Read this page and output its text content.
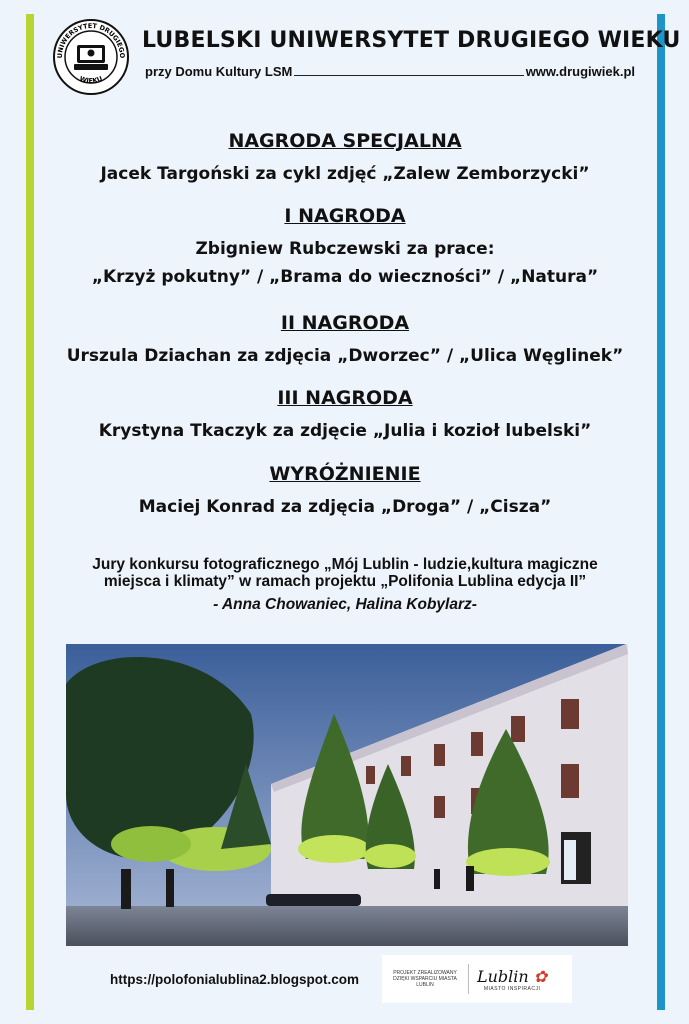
UNIWERSYTET DRUGIEGO
WIEKU
LUBELSKI UNIWERSYTET DRUGIEGO WIEKU
przy Domu Kultury LSM	www.drugiwiek.pl
NAGRODA SPECJALNA
Jacek Targoński za cykl zdjęć „Zalew Zemborzycki”
I NAGRODA
Zbigniew Rubczewski za prace:
„Krzyż pokutny” / „Brama do wieczności” / „Natura”
II NAGRODA
Urszula Dziachan za zdjęcia „Dworzec” / „Ulica Węglinek”
III NAGRODA
Krystyna Tkaczyk za zdjęcie „Julia i kozioł lubelski”
WYRÓŻNIENIE
Maciej Konrad za zdjęcia „Droga” / „Cisza”
Jury konkursu fotograficznego „Mój Lublin - ludzie,kultura magiczne
miejsca i klimaty” w ramach projektu „Polifonia Lublina edycja II”
- Anna Chowaniec, Halina Kobylarz-
https://polofonialublina2.blogspot.com	PROJEKT ZREALIZOWANY DZIĘKI WSPARCIU MIASTA LUBLIN	Lublin ✿
MIASTO INSPIRACJI
